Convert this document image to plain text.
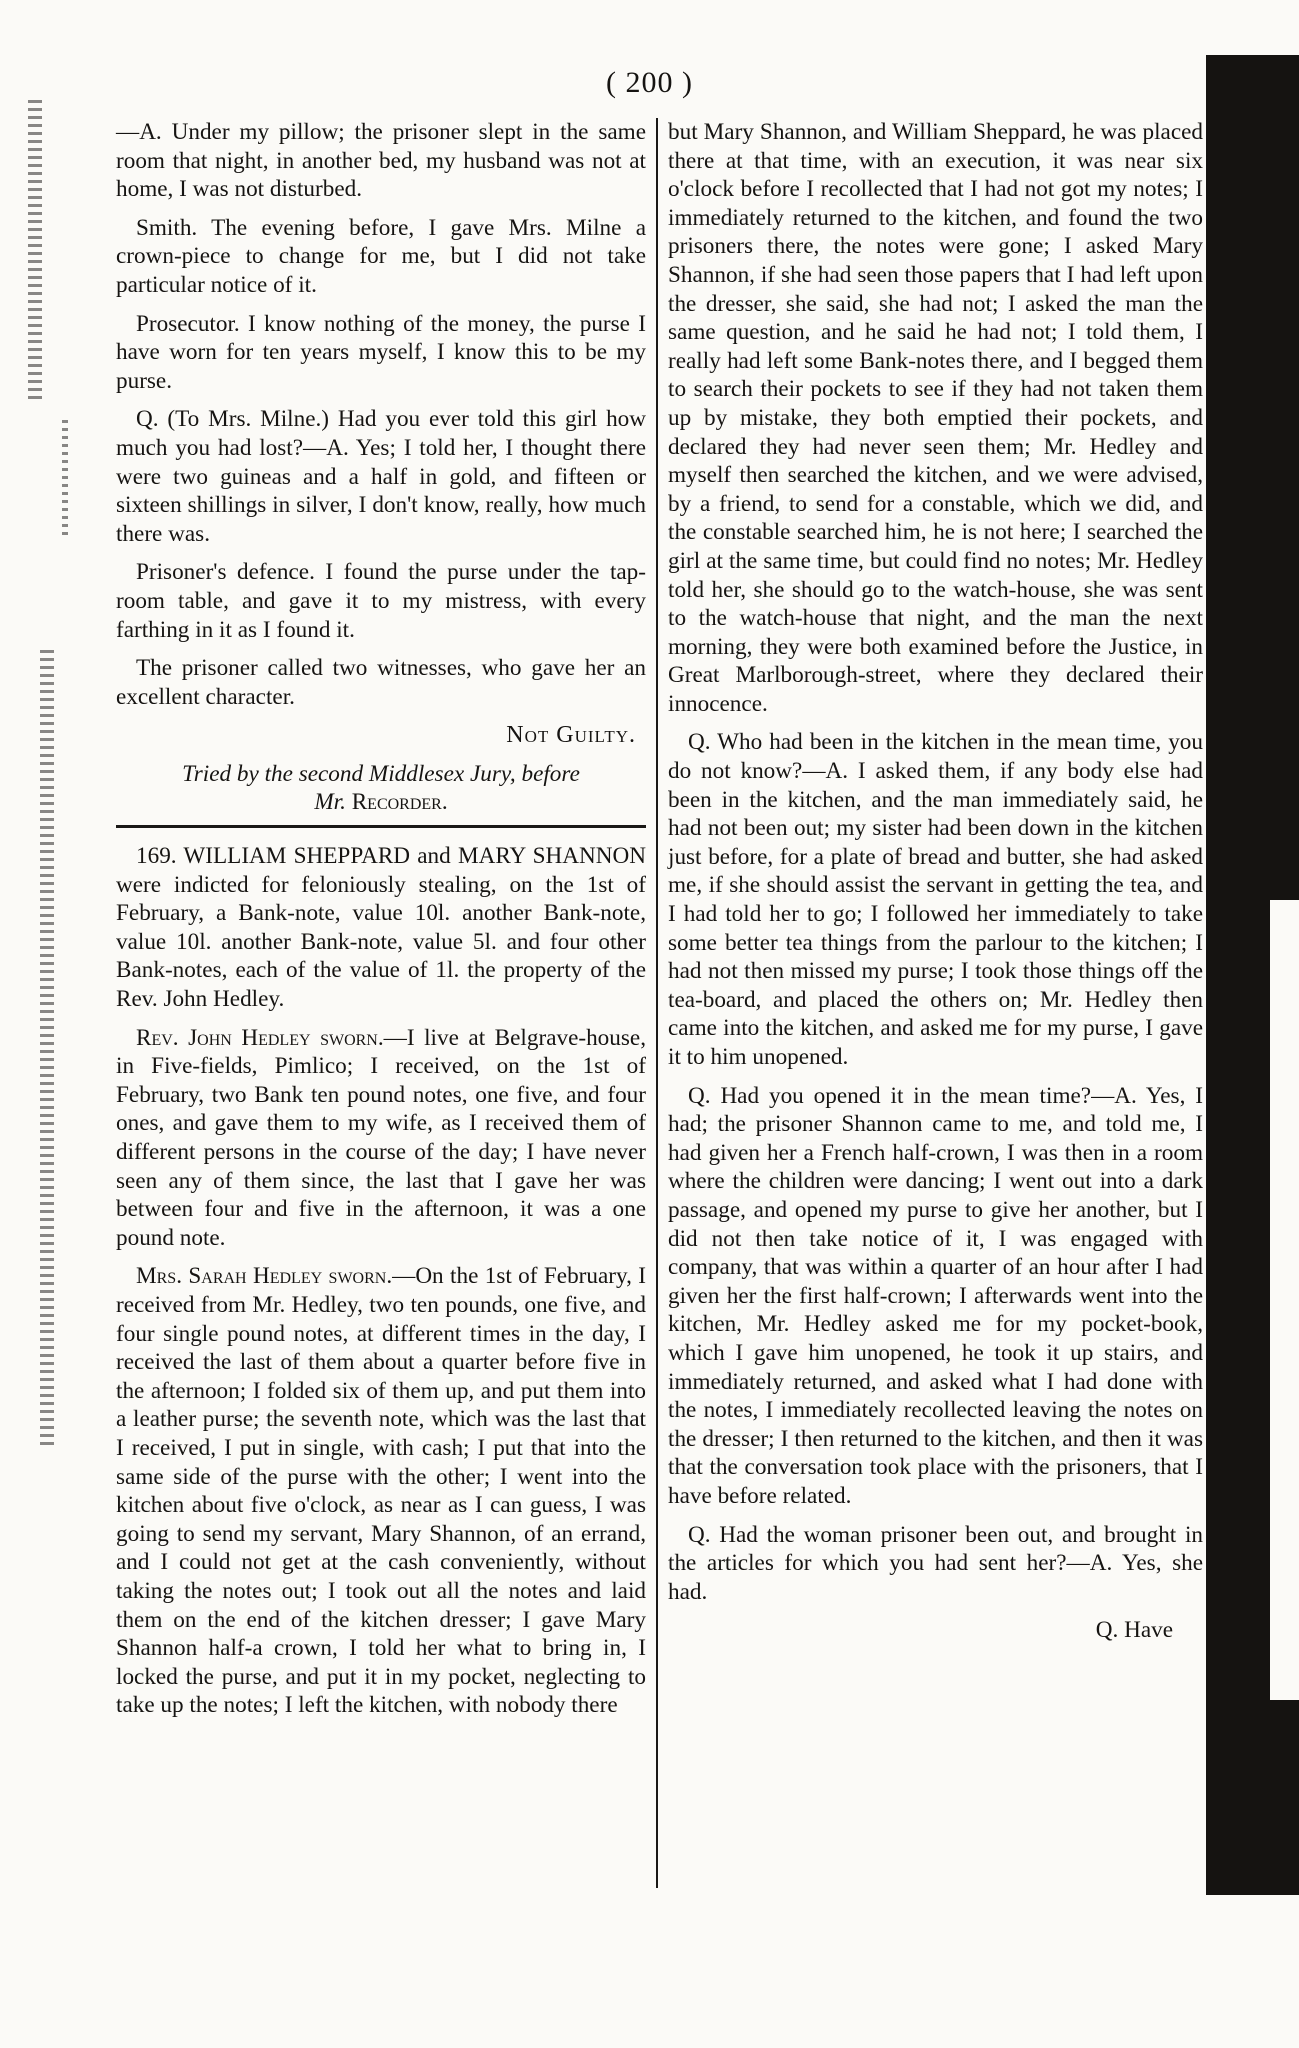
( 200 )

—A. Under my pillow; the prisoner slept in the same room that night, in another bed, my husband was not at home, I was not disturbed.

Smith. The evening before, I gave Mrs. Milne a crown-piece to change for me, but I did not take particular notice of it.

Prosecutor. I know nothing of the money, the purse I have worn for ten years myself, I know this to be my purse.

Q. (To Mrs. Milne.) Had you ever told this girl how much you had lost?—A. Yes; I told her, I thought there were two guineas and a half in gold, and fifteen or sixteen shillings in silver, I don't know, really, how much there was.

Prisoner's defence. I found the purse under the tap-room table, and gave it to my mistress, with every farthing in it as I found it.

The prisoner called two witnesses, who gave her an excellent character.

Not Guilty.
Tried by the second Middlesex Jury, before
Mr. Recorder.

169. WILLIAM SHEPPARD and MARY SHANNON were indicted for feloniously stealing, on the 1st of February, a Bank-note, value 10l. another Bank-note, value 10l. another Bank-note, value 5l. and four other Bank-notes, each of the value of 1l. the property of the Rev. John Hedley.

Rev. John Hedley sworn.—I live at Belgrave-house, in Five-fields, Pimlico; I received, on the 1st of February, two Bank ten pound notes, one five, and four ones, and gave them to my wife, as I received them of different persons in the course of the day; I have never seen any of them since, the last that I gave her was between four and five in the afternoon, it was a one pound note.

Mrs. Sarah Hedley sworn.—On the 1st of February, I received from Mr. Hedley, two ten pounds, one five, and four single pound notes, at different times in the day, I received the last of them about a quarter before five in the afternoon; I folded six of them up, and put them into a leather purse; the seventh note, which was the last that I received, I put in single, with cash; I put that into the same side of the purse with the other; I went into the kitchen about five o'clock, as near as I can guess, I was going to send my servant, Mary Shannon, of an errand, and I could not get at the cash conveniently, without taking the notes out; I took out all the notes and laid them on the end of the kitchen dresser; I gave Mary Shannon half-a crown, I told her what to bring in, I locked the purse, and put it in my pocket, neglecting to take up the notes; I left the kitchen, with nobody there

but Mary Shannon, and William Sheppard, he was placed there at that time, with an execution, it was near six o'clock before I recollected that I had not got my notes; I immediately returned to the kitchen, and found the two prisoners there, the notes were gone; I asked Mary Shannon, if she had seen those papers that I had left upon the dresser, she said, she had not; I asked the man the same question, and he said he had not; I told them, I really had left some Bank-notes there, and I begged them to search their pockets to see if they had not taken them up by mistake, they both emptied their pockets, and declared they had never seen them; Mr. Hedley and myself then searched the kitchen, and we were advised, by a friend, to send for a constable, which we did, and the constable searched him, he is not here; I searched the girl at the same time, but could find no notes; Mr. Hedley told her, she should go to the watch-house, she was sent to the watch-house that night, and the man the next morning, they were both examined before the Justice, in Great Marlborough-street, where they declared their innocence.

Q. Who had been in the kitchen in the mean time, you do not know?—A. I asked them, if any body else had been in the kitchen, and the man immediately said, he had not been out; my sister had been down in the kitchen just before, for a plate of bread and butter, she had asked me, if she should assist the servant in getting the tea, and I had told her to go; I followed her immediately to take some better tea things from the parlour to the kitchen; I had not then missed my purse; I took those things off the tea-board, and placed the others on; Mr. Hedley then came into the kitchen, and asked me for my purse, I gave it to him unopened.

Q. Had you opened it in the mean time?—A. Yes, I had; the prisoner Shannon came to me, and told me, I had given her a French half-crown, I was then in a room where the children were dancing; I went out into a dark passage, and opened my purse to give her another, but I did not then take notice of it, I was engaged with company, that was within a quarter of an hour after I had given her the first half-crown; I afterwards went into the kitchen, Mr. Hedley asked me for my pocket-book, which I gave him unopened, he took it up stairs, and immediately returned, and asked what I had done with the notes, I immediately recollected leaving the notes on the dresser; I then returned to the kitchen, and then it was that the conversation took place with the prisoners, that I have before related.

Q. Had the woman prisoner been out, and brought in the articles for which you had sent her?—A. Yes, she had.

Q. Have
